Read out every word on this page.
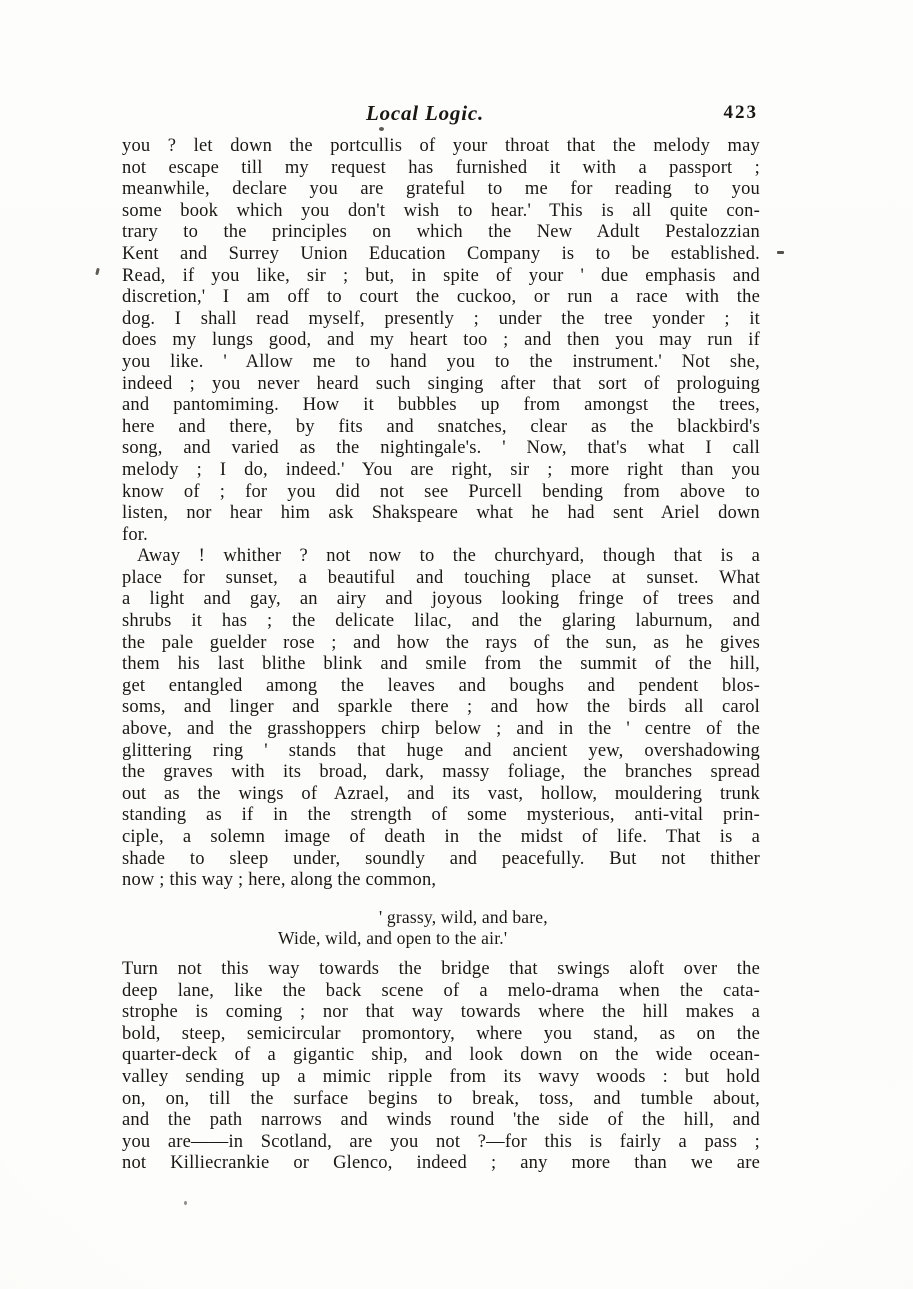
Local Logic.	423
you ? let down the portcullis of your throat that the melody may
not escape till my request has furnished it with a passport ;
meanwhile, declare you are grateful to me for reading to you
some book which you don't wish to hear.' This is all quite con-
trary to the principles on which the New Adult Pestalozzian
Kent and Surrey Union Education Company is to be established.
Read, if you like, sir ; but, in spite of your ' due emphasis and
discretion,' I am off to court the cuckoo, or run a race with the
dog. I shall read myself, presently ; under the tree yonder ; it
does my lungs good, and my heart too ; and then you may run if
you like. ' Allow me to hand you to the instrument.' Not she,
indeed ; you never heard such singing after that sort of prologuing
and pantomiming. How it bubbles up from amongst the trees,
here and there, by fits and snatches, clear as the blackbird's
song, and varied as the nightingale's. ' Now, that's what I call
melody ; I do, indeed.' You are right, sir ; more right than you
know of ; for you did not see Purcell bending from above to
listen, nor hear him ask Shakspeare what he had sent Ariel down
for.
Away ! whither ? not now to the churchyard, though that is a
place for sunset, a beautiful and touching place at sunset. What
a light and gay, an airy and joyous looking fringe of trees and
shrubs it has ; the delicate lilac, and the glaring laburnum, and
the pale guelder rose ; and how the rays of the sun, as he gives
them his last blithe blink and smile from the summit of the hill,
get entangled among the leaves and boughs and pendent blos-
soms, and linger and sparkle there ; and how the birds all carol
above, and the grasshoppers chirp below ; and in the ' centre of the
glittering ring ' stands that huge and ancient yew, overshadowing
the graves with its broad, dark, massy foliage, the branches spread
out as the wings of Azrael, and its vast, hollow, mouldering trunk
standing as if in the strength of some mysterious, anti-vital prin-
ciple, a solemn image of death in the midst of life. That is a
shade to sleep under, soundly and peacefully. But not thither
now ; this way ; here, along the common,
' grassy, wild, and bare,
Wide, wild, and open to the air.'
Turn not this way towards the bridge that swings aloft over the
deep lane, like the back scene of a melo-drama when the cata-
strophe is coming ; nor that way towards where the hill makes a
bold, steep, semicircular promontory, where you stand, as on the
quarter-deck of a gigantic ship, and look down on the wide ocean-
valley sending up a mimic ripple from its wavy woods : but hold
on, on, till the surface begins to break, toss, and tumble about,
and the path narrows and winds round 'the side of the hill, and
you are——in Scotland, are you not ?—for this is fairly a pass ;
not Killiecrankie or Glenco, indeed ; any more than we are
